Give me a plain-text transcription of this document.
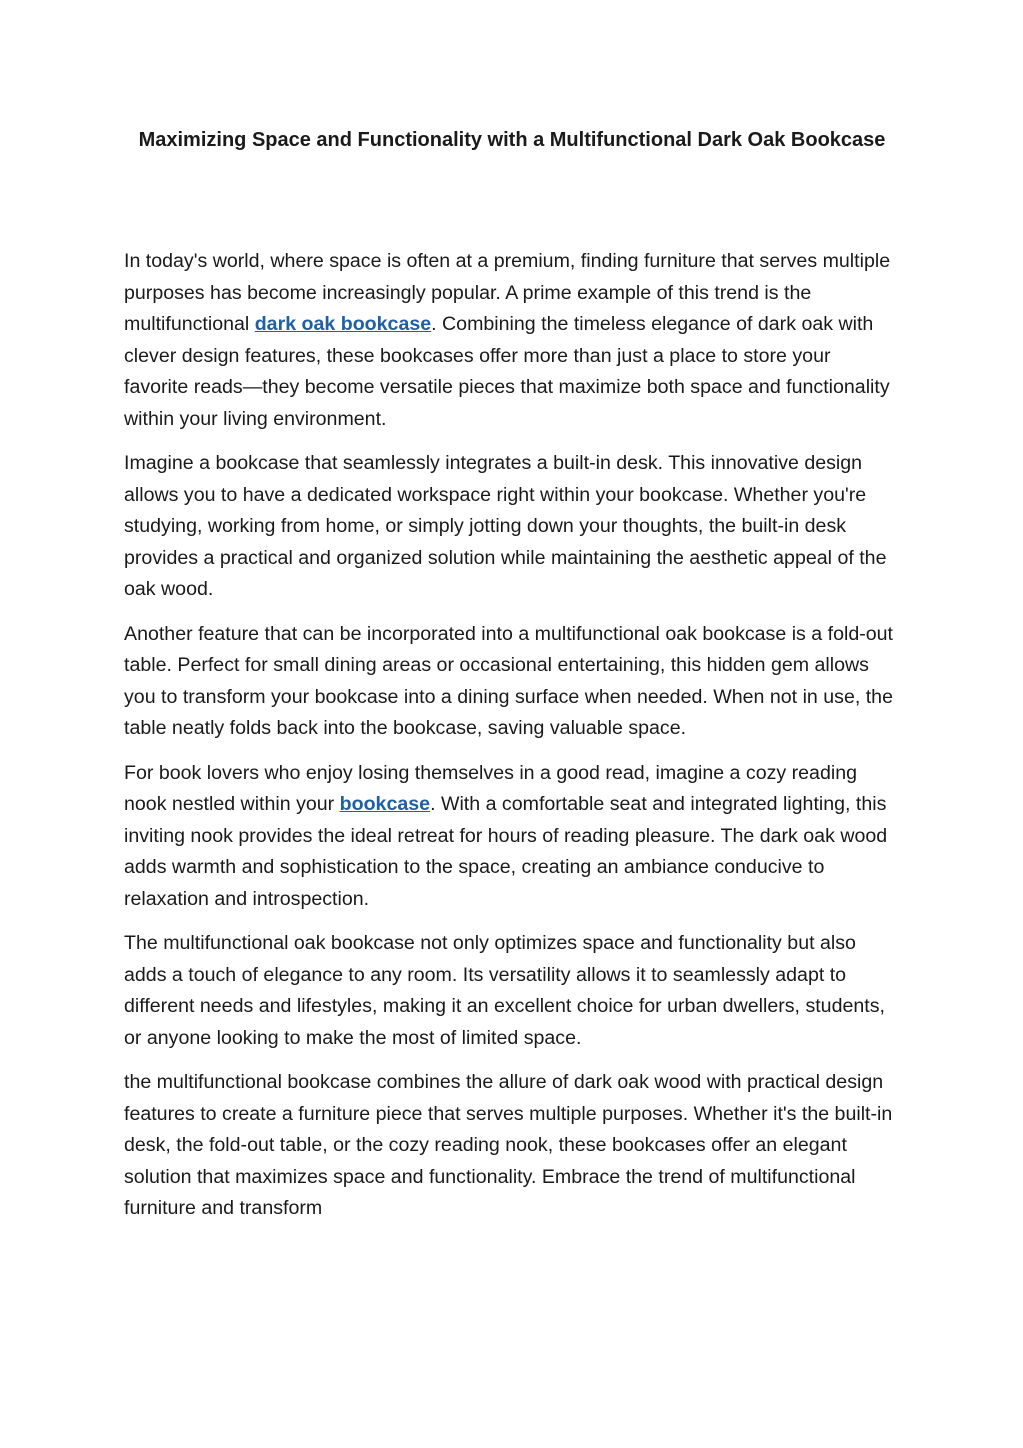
Maximizing Space and Functionality with a Multifunctional Dark Oak Bookcase

In today's world, where space is often at a premium, finding furniture that serves multiple purposes has become increasingly popular. A prime example of this trend is the multifunctional dark oak bookcase. Combining the timeless elegance of dark oak with clever design features, these bookcases offer more than just a place to store your favorite reads—they become versatile pieces that maximize both space and functionality within your living environment.

Imagine a bookcase that seamlessly integrates a built-in desk. This innovative design allows you to have a dedicated workspace right within your bookcase. Whether you're studying, working from home, or simply jotting down your thoughts, the built-in desk provides a practical and organized solution while maintaining the aesthetic appeal of the oak wood.

Another feature that can be incorporated into a multifunctional oak bookcase is a fold-out table. Perfect for small dining areas or occasional entertaining, this hidden gem allows you to transform your bookcase into a dining surface when needed. When not in use, the table neatly folds back into the bookcase, saving valuable space.

For book lovers who enjoy losing themselves in a good read, imagine a cozy reading nook nestled within your bookcase. With a comfortable seat and integrated lighting, this inviting nook provides the ideal retreat for hours of reading pleasure. The dark oak wood adds warmth and sophistication to the space, creating an ambiance conducive to relaxation and introspection.

The multifunctional oak bookcase not only optimizes space and functionality but also adds a touch of elegance to any room. Its versatility allows it to seamlessly adapt to different needs and lifestyles, making it an excellent choice for urban dwellers, students, or anyone looking to make the most of limited space.

the multifunctional bookcase combines the allure of dark oak wood with practical design features to create a furniture piece that serves multiple purposes. Whether it's the built-in desk, the fold-out table, or the cozy reading nook, these bookcases offer an elegant solution that maximizes space and functionality. Embrace the trend of multifunctional furniture and transform
